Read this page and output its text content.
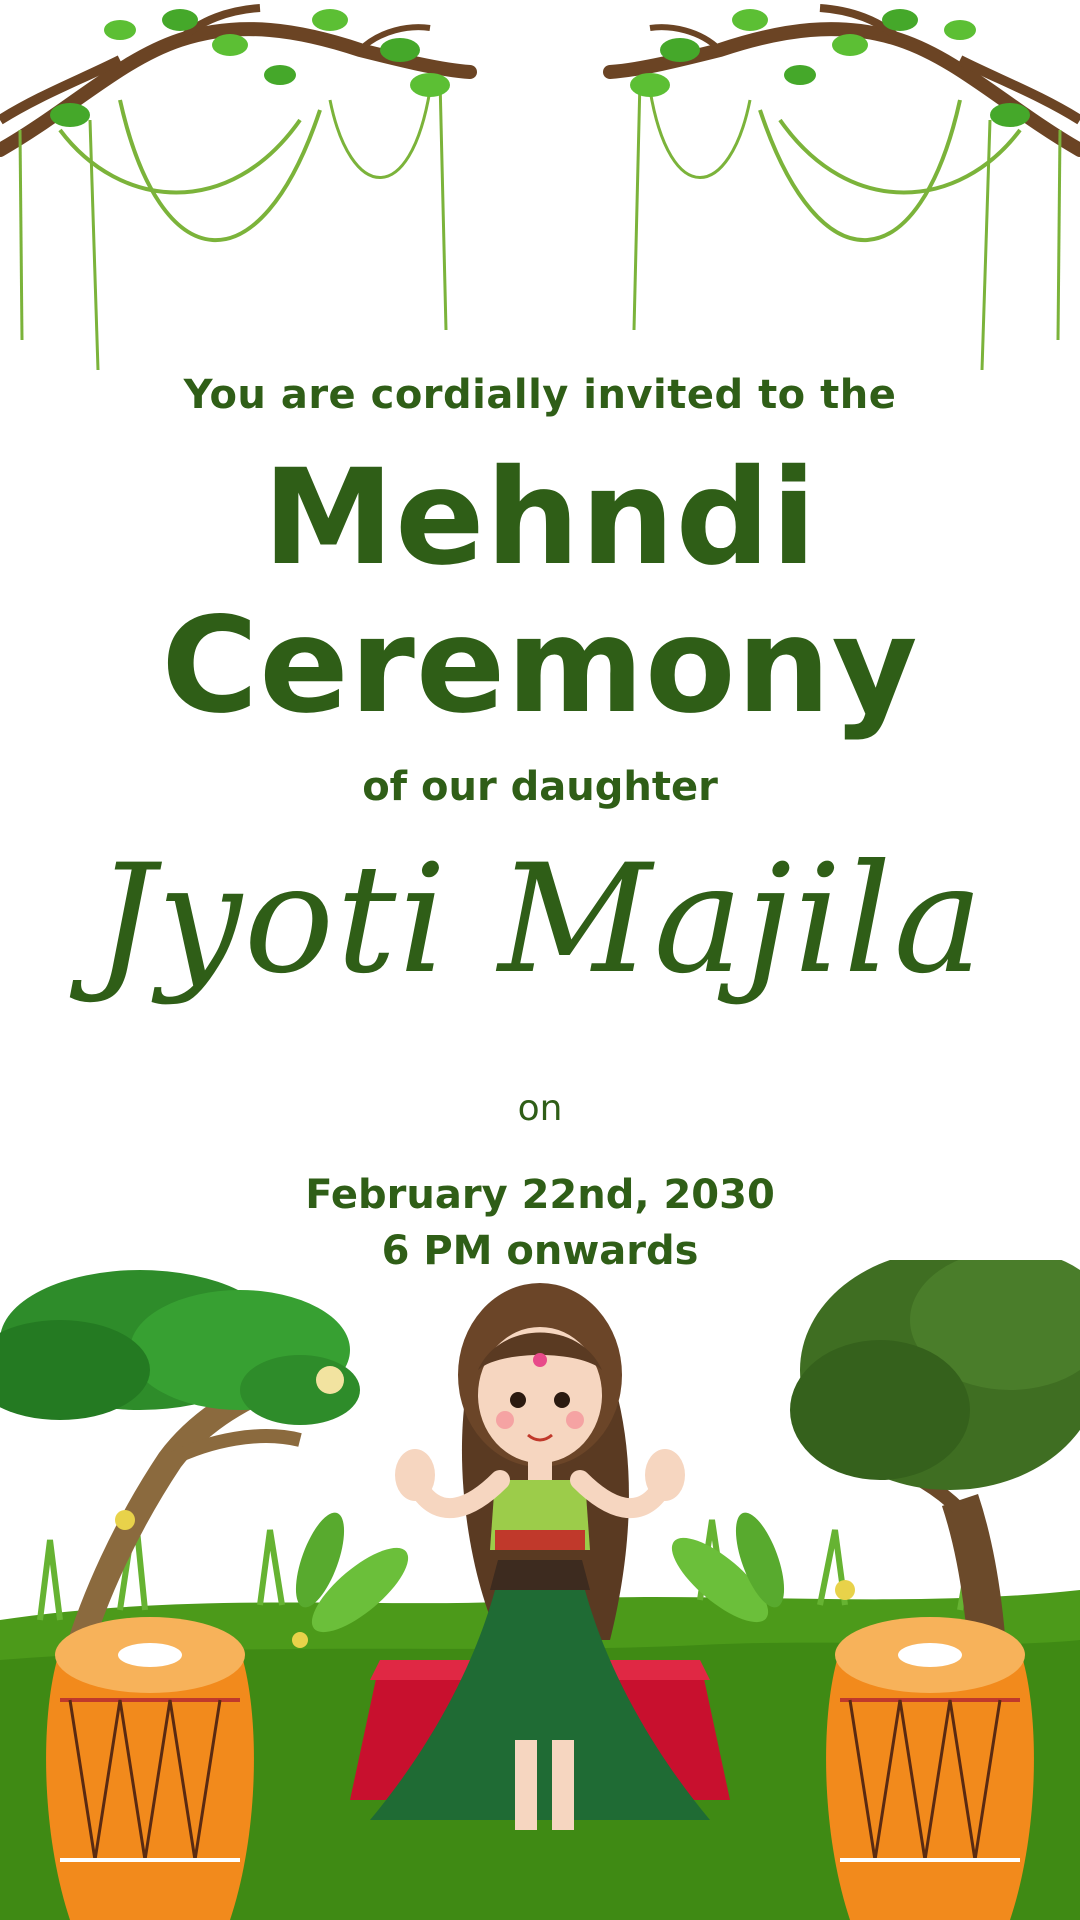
You are cordially invited to the
Mehndi
Ceremony
of our daughter
Jyoti Majila
on
February 22nd, 2030
6 PM onwards
